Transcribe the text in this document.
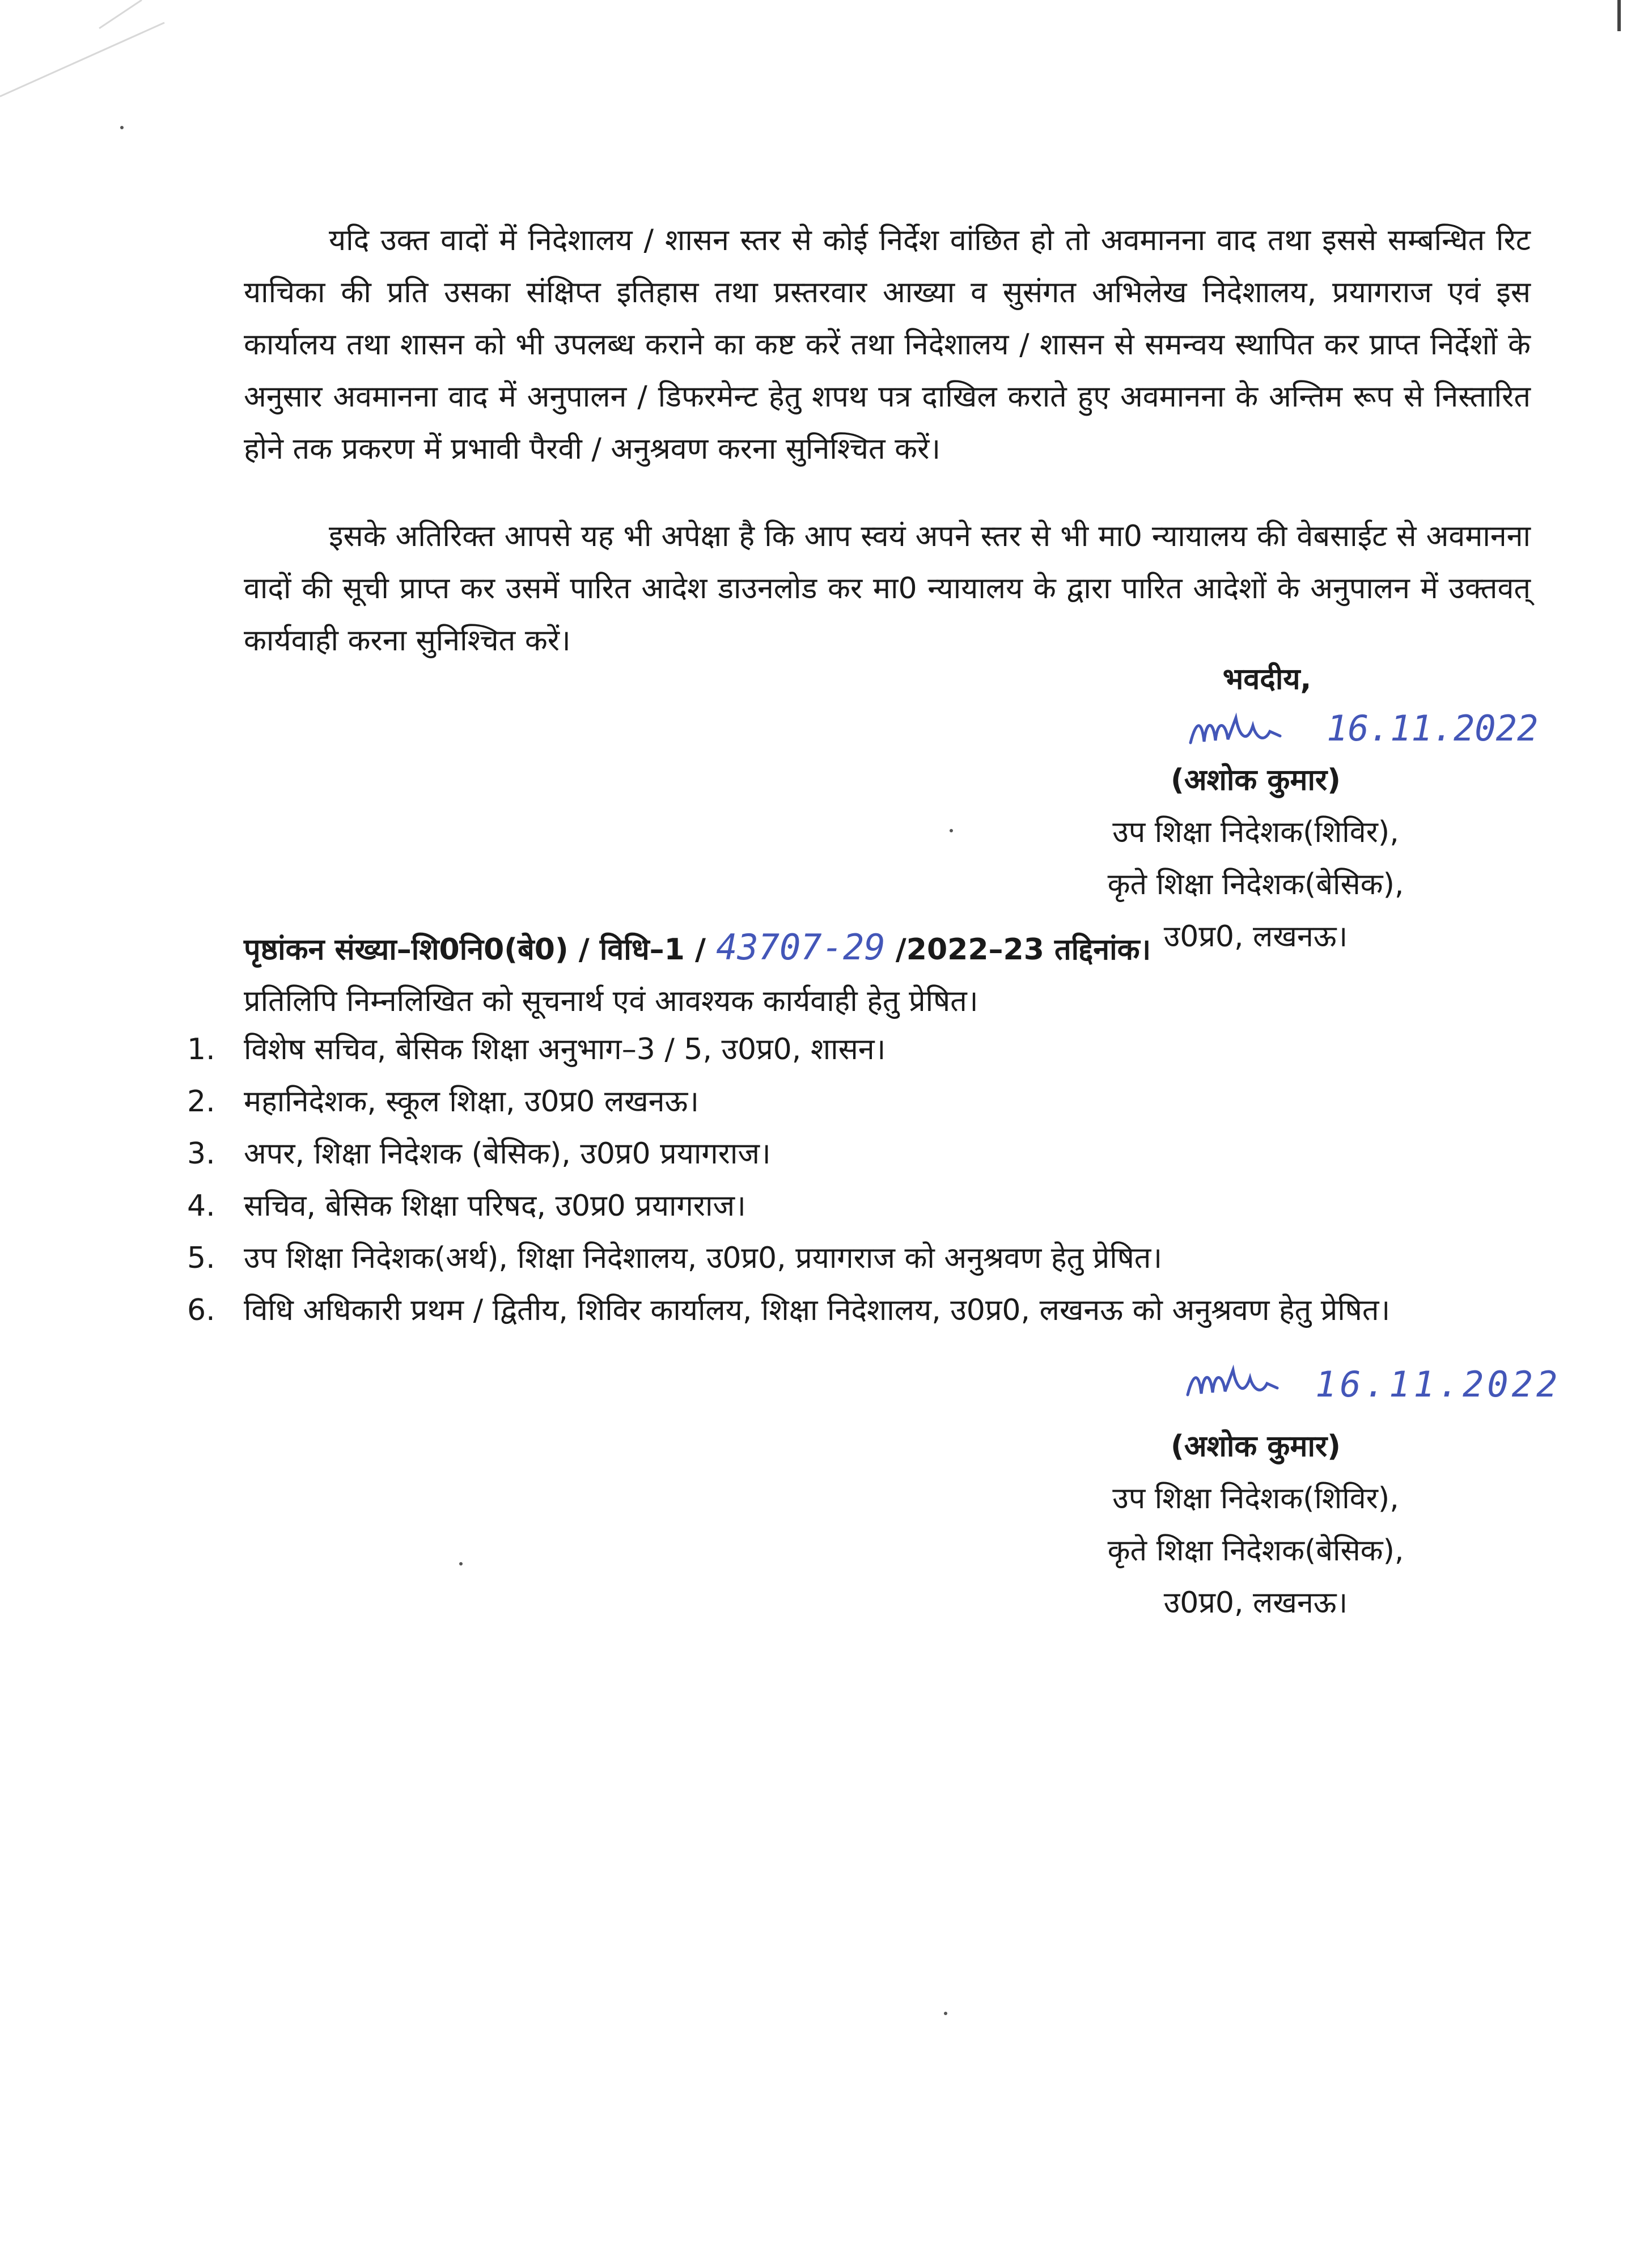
यदि उक्त वादों में निदेशालय / शासन स्तर से कोई निर्देश वांछित हो तो अवमानना वाद तथा इससे सम्बन्धित रिट याचिका की प्रति उसका संक्षिप्त इतिहास तथा प्रस्तरवार आख्या व सुसंगत अभिलेख निदेशालय, प्रयागराज एवं इस कार्यालय तथा शासन को भी उपलब्ध कराने का कष्ट करें तथा निदेशालय / शासन से समन्वय स्थापित कर प्राप्त निर्देशों के अनुसार अवमानना वाद में अनुपालन / डिफरमेन्ट हेतु शपथ पत्र दाखिल कराते हुए अवमानना के अन्तिम रूप से निस्तारित होने तक प्रकरण में प्रभावी पैरवी / अनुश्रवण करना सुनिश्चित करें।

इसके अतिरिक्त आपसे यह भी अपेक्षा है कि आप स्वयं अपने स्तर से भी मा0 न्यायालय की वेबसाईट से अवमानना वादों की सूची प्राप्त कर उसमें पारित आदेश डाउनलोड कर मा0 न्यायालय के द्वारा पारित आदेशों के अनुपालन में उक्तवत् कार्यवाही करना सुनिश्चित करें।

भवदीय,
16.11.2022
(अशोक कुमार)
उप शिक्षा निदेशक(शिविर),
कृते शिक्षा निदेशक(बेसिक),
उ0प्र0, लखनऊ।
पृष्ठांकन संख्या–शि0नि0(बे0) / विधि–1 / 43707-29 /2022–23 तद्दिनांक।
प्रतिलिपि निम्नलिखित को सूचनार्थ एवं आवश्यक कार्यवाही हेतु प्रेषित।
1. विशेष सचिव, बेसिक शिक्षा अनुभाग–3 / 5, उ0प्र0, शासन।
2. महानिदेशक, स्कूल शिक्षा, उ0प्र0 लखनऊ।
3. अपर, शिक्षा निदेशक (बेसिक), उ0प्र0 प्रयागराज।
4. सचिव, बेसिक शिक्षा परिषद, उ0प्र0 प्रयागराज।
5. उप शिक्षा निदेशक(अर्थ), शिक्षा निदेशालय, उ0प्र0, प्रयागराज को अनुश्रवण हेतु प्रेषित।
6. विधि अधिकारी प्रथम / द्वितीय, शिविर कार्यालय, शिक्षा निदेशालय, उ0प्र0, लखनऊ को अनुश्रवण हेतु प्रेषित।
16.11.2022
(अशोक कुमार)
उप शिक्षा निदेशक(शिविर),
कृते शिक्षा निदेशक(बेसिक),
उ0प्र0, लखनऊ।
